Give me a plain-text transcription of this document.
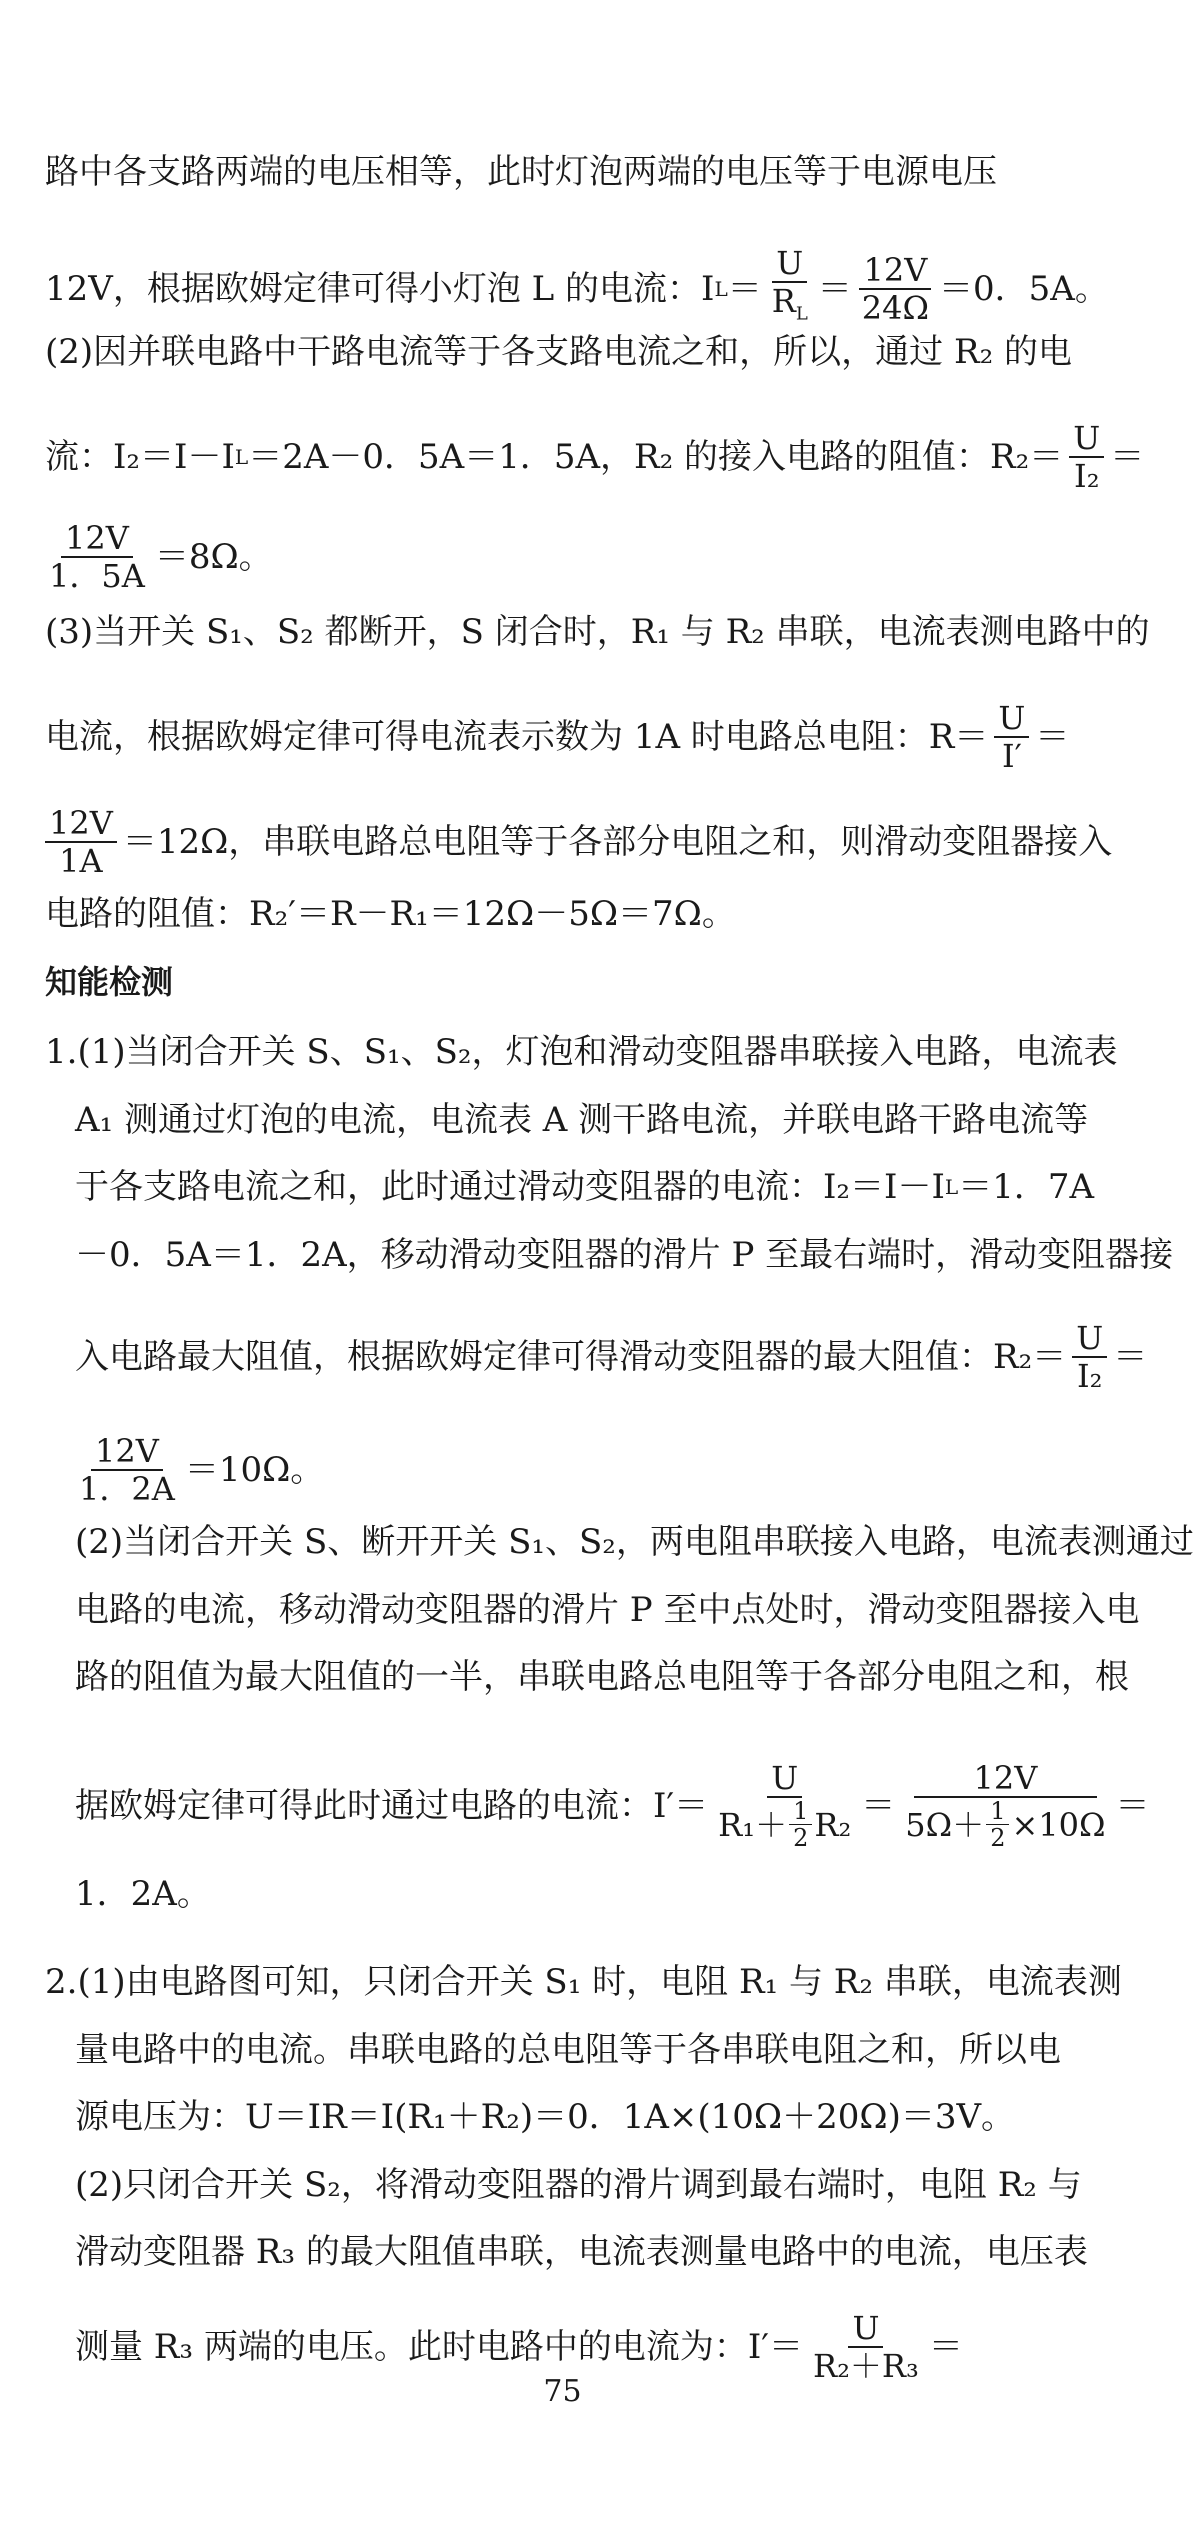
路中各支路两端的电压相等，此时灯泡两端的电压等于电源电压
12V，根据欧姆定律可得小灯泡 L 的电流：I $L = \frac{U}{R_L} = \frac{12V}{24\Omega} =0$．5A。
(2)因并联电路中干路电流等于各支路电流之和，所以，通过 R₂ 的电
流：I₂＝I－I L ＝2A－0．5A＝1．5A，R₂ 的接入电路的阻值：$R_2= \frac{U}{\text{I₂}}$ ＝
$\frac{12V}{1.5A} =8\Omega$。
(3)当开关 S₁、S₂ 都断开，S 闭合时，R₁ 与 R₂ 串联，电流表测电路中的
电流，根据欧姆定律可得电流表示数为 1A 时电路总电阻：$R= \frac{U}{I'}$ ＝
$\frac{12V}{1A} =12\Omega$，串联电路总电阻等于各部分电阻之和，则滑动变阻器接入
电路的阻值：R₂′＝R－R₁＝12Ω－5Ω＝7Ω。
知能检测
1.(1)当闭合开关 S、S₁、S₂，灯泡和滑动变阻器串联接入电路，电流表
A₁ 测通过灯泡的电流，电流表 A 测干路电流，并联电路干路电流等
于各支路电流之和，此时通过滑动变阻器的电流：I₂＝I－I L ＝1．7A
－0．5A＝1．2A，移动滑动变阻器的滑片 P 至最右端时，滑动变阻器接
入电路最大阻值，根据欧姆定律可得滑动变阻器的最大阻值：$R_2= \frac{U}{\text{I₂}}$ ＝
$\frac{12V}{1.2A} =10\Omega$。
(2)当闭合开关 S、断开开关 S₁、S₂，两电阻串联接入电路，电流表测通过
电路的电流，移动滑动变阻器的滑片 P 至中点处时，滑动变阻器接入电
路的阻值为最大阻值的一半，串联电路总电阻等于各部分电阻之和，根
据欧姆定律可得此时通过电路的电流：$I'= \frac{U}{R_1+ \frac{1}{2} R_2} = \frac{12V}{5\Omega+ \frac{1}{2} \times 10\Omega}$ ＝
1．2A。
2.(1)由电路图可知，只闭合开关 S₁ 时，电阻 R₁ 与 R₂ 串联，电流表测
量电路中的电流。串联电路的总电阻等于各串联电阻之和，所以电
源电压为：U＝IR＝I(R₁＋R₂)＝0．1A×(10Ω＋20Ω)＝3V。
(2)只闭合开关 S₂，将滑动变阻器的滑片调到最右端时，电阻 R₂ 与
滑动变阻器 R₃ 的最大阻值串联，电流表测量电路中的电流，电压表
测量 R₃ 两端的电压。此时电路中的电流为：$I'= \frac{U}{\text{R₂＋R₃}}$ ＝
75
